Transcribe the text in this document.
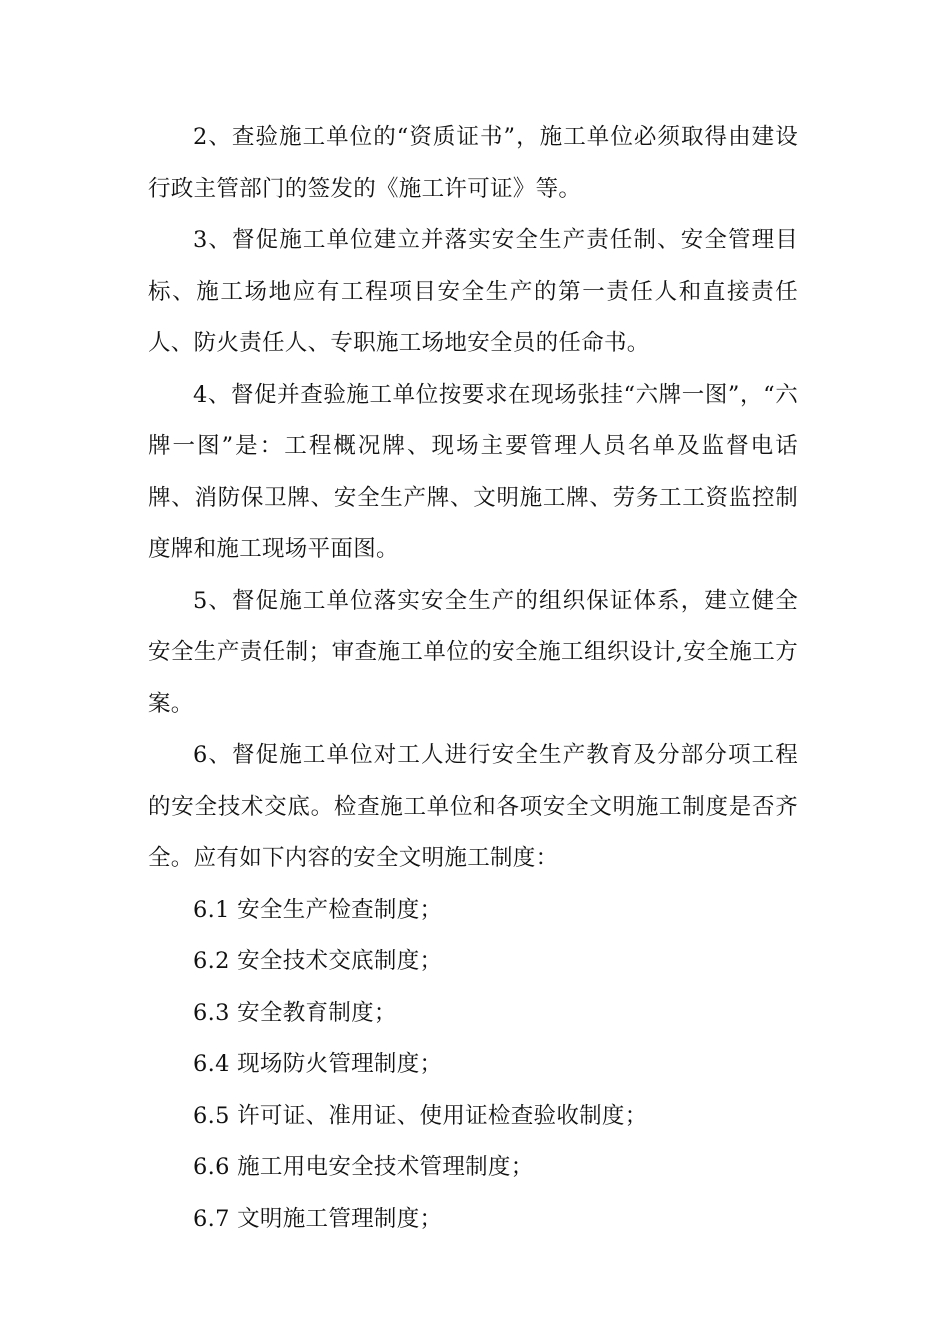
2、查验施工单位的“资质证书”，施工单位必须取得由建设行政主管部门的签发的《施工许可证》等。

3、督促施工单位建立并落实安全生产责任制、安全管理目标、施工场地应有工程项目安全生产的第一责任人和直接责任人、防火责任人、专职施工场地安全员的任命书。

4、督促并查验施工单位按要求在现场张挂“六牌一图”，“六牌一图”是：工程概况牌、现场主要管理人员名单及监督电话牌、消防保卫牌、安全生产牌、文明施工牌、劳务工工资监控制度牌和施工现场平面图。

5、督促施工单位落实安全生产的组织保证体系，建立健全安全生产责任制；审查施工单位的安全施工组织设计,安全施工方案。

6、督促施工单位对工人进行安全生产教育及分部分项工程的安全技术交底。检查施工单位和各项安全文明施工制度是否齐全。应有如下内容的安全文明施工制度：

6.1 安全生产检查制度；

6.2 安全技术交底制度；

6.3 安全教育制度；

6.4 现场防火管理制度；

6.5 许可证、准用证、使用证检查验收制度；

6.6 施工用电安全技术管理制度；

6.7 文明施工管理制度；
